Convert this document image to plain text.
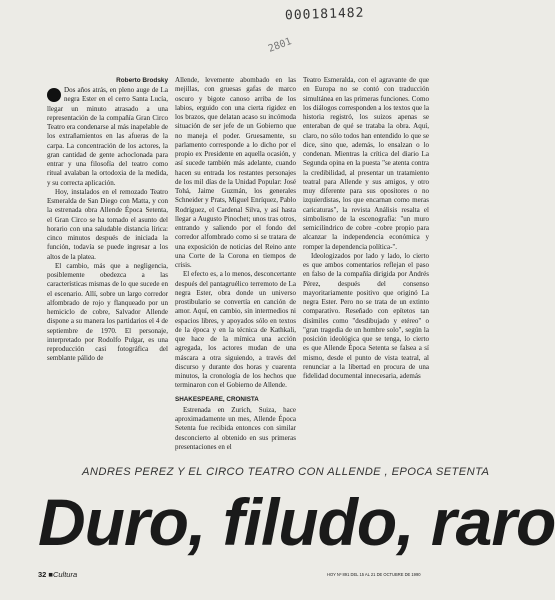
000181482
2801
Roberto Brodsky

Dos años atrás, en pleno auge de La negra Ester en el cerro Santa Lucía, llegar un minuto atrasado a una representación de la compañía Gran Circo Teatro era condenarse al más inapelable de los extrañamientos en las afueras de la carpa. La concentración de los actores, la gran cantidad de gente achoclonada para entrar y una filosofía del teatro como ritual avalaban la ortodoxia de la medida, y su correcta aplicación.

Hoy, instalados en el remozado Teatro Esmeralda de San Diego con Matta, y con la estrenada obra Allende Época Setenta, el Gran Circo se ha tomado el asunto del horario con una saludable distancia lírica: cinco minutos después de iniciada la función, todavía se puede ingresar a los altos de la platea.

El cambio, más que a negligencia, posiblemente obedezca a las características mismas de lo que sucede en el escenario. Allí, sobre un largo corredor alfombrado de rojo y flanqueado por un hemiciclo de cobre, Salvador Allende dispone a su manera los partidarios el 4 de septiembre de 1970. El personaje, interpretado por Rodolfo Pulgar, es una reproducción casi fotográfica del semblante pálido de

Allende, levemente abombado en las mejillas, con gruesas gafas de marco oscuro y bigote canoso arriba de los labios, erguido con una cierta rigidez en los brazos, que delatan acaso su incómoda situación de ser jefe de un Gobierno que no maneja el poder. Gruesamente, su parlamento corresponde a lo dicho por el propio ex Presidente en aquella ocasión, y así sucede también más adelante, cuando hacen su entrada los restantes personajes de los mil días de la Unidad Popular: José Tohá, Jaime Guzmán, los generales Schneider y Prats, Miguel Enríquez, Pablo Rodríguez, el Cardenal Silva, y así hasta llegar a Augusto Pinochet; unos tras otros, entrando y saliendo por el fondo del corredor alfombrado como si se tratara de una exposición de noticias del Reino ante una Corte de la Corona en tiempos de crisis.

El efecto es, a lo menos, desconcertante después del pantagruélico terremoto de La negra Ester, obra donde un universo prostibulario se convertía en canción de amor. Aquí, en cambio, sin intermedios ni espacios libres, y apoyados sólo en textos de la época y en la técnica de Kathkali, que hace de la mímica una acción agregada, los actores mudan de una máscara a otra siguiendo, a través del discurso y durante dos horas y cuarenta minutos, la cronología de los hechos que terminaron con el Gobierno de Allende.

SHAKESPEARE, CRONISTA

Estrenada en Zurich, Suiza, hace aproximadamente un mes, Allende Época Setenta fue recibida entonces con similar desconcierto al obtenido en sus primeras presentaciones en el

Teatro Esmeralda, con el agravante de que en Europa no se contó con traducción simultánea en las primeras funciones. Como los diálogos corresponden a los textos que la historia registró, los suizos apenas se enteraban de qué se trataba la obra. Aquí, claro, no sólo todos han entendido lo que se dice, sino que, además, lo ensalzan o lo condenan. Mientras la crítica del diario La Segunda opina en la puesta "se atenta contra la credibilidad, al presentar un tratamiento teatral para Allende y sus amigos, y otro muy diferente para sus opositores o no izquierdistas, los que encarnan como meras caricaturas", la revista Análisis resalta el simbolismo de la escenografía: "un muro semicilíndrico de cobre -cobre propio para alcanzar la independencia económica y romper la dependencia política-".

Ideologizados por lado y lado, lo cierto es que ambos comentarios reflejan el paso en falso de la compañía dirigida por Andrés Pérez, después del consenso mayoritariamente positivo que originó La negra Ester. Pero no se trata de un extinto comparativo. Reseñado con epítetos tan disímiles como "desdibujado y etéreo" o "gran tragedia de un hombre solo", según la posición ideológica que se tenga, lo cierto es que Allende Época Setenta se falsea a sí mismo, desde el punto de vista teatral, al renunciar a la libertad en procura de una fidelidad documental innecesaria, además

ANDRES PEREZ Y EL CIRCO TEATRO CON ALLENDE , EPOCA SETENTA
Duro, filudo, raro
32 ■Cultura	HOY Nº 891 DEL 15 AL 21 DE OCTUBRE DE 1990
